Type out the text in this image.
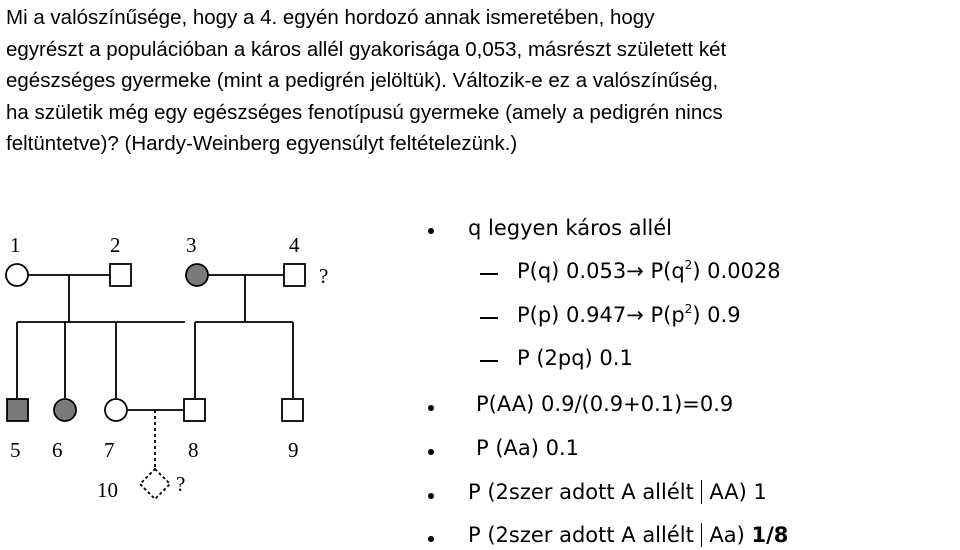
Mi a valószínűsége, hogy a 4. egyén hordozó annak ismeretében, hogy
egyrészt a populációban a káros allél gyakorisága 0,053, másrészt született két
egészséges gyermeke (mint a pedigrén jelöltük). Változik-e ez a valószínűség,
ha születik még egy egészséges fenotípusú gyermeke (amely a pedigrén nincs
feltüntetve)? (Hardy-Weinberg egyensúlyt feltételezünk.)
1	2	3	4
?
5 6 7	8	9
10	?
q legyen káros allél
P(q) $0.053\to P(q^2)$ 0.0028
P(p) $0.947\to P(p^2)$ 0.9
P (2pq) 0.1
P(AA) 0.9/(0.9+0.1)=0.9
P (Aa) 0.1
P (2szer adott A allélt AA) 1
P (2szer adott A allélt Aa) 1/8
